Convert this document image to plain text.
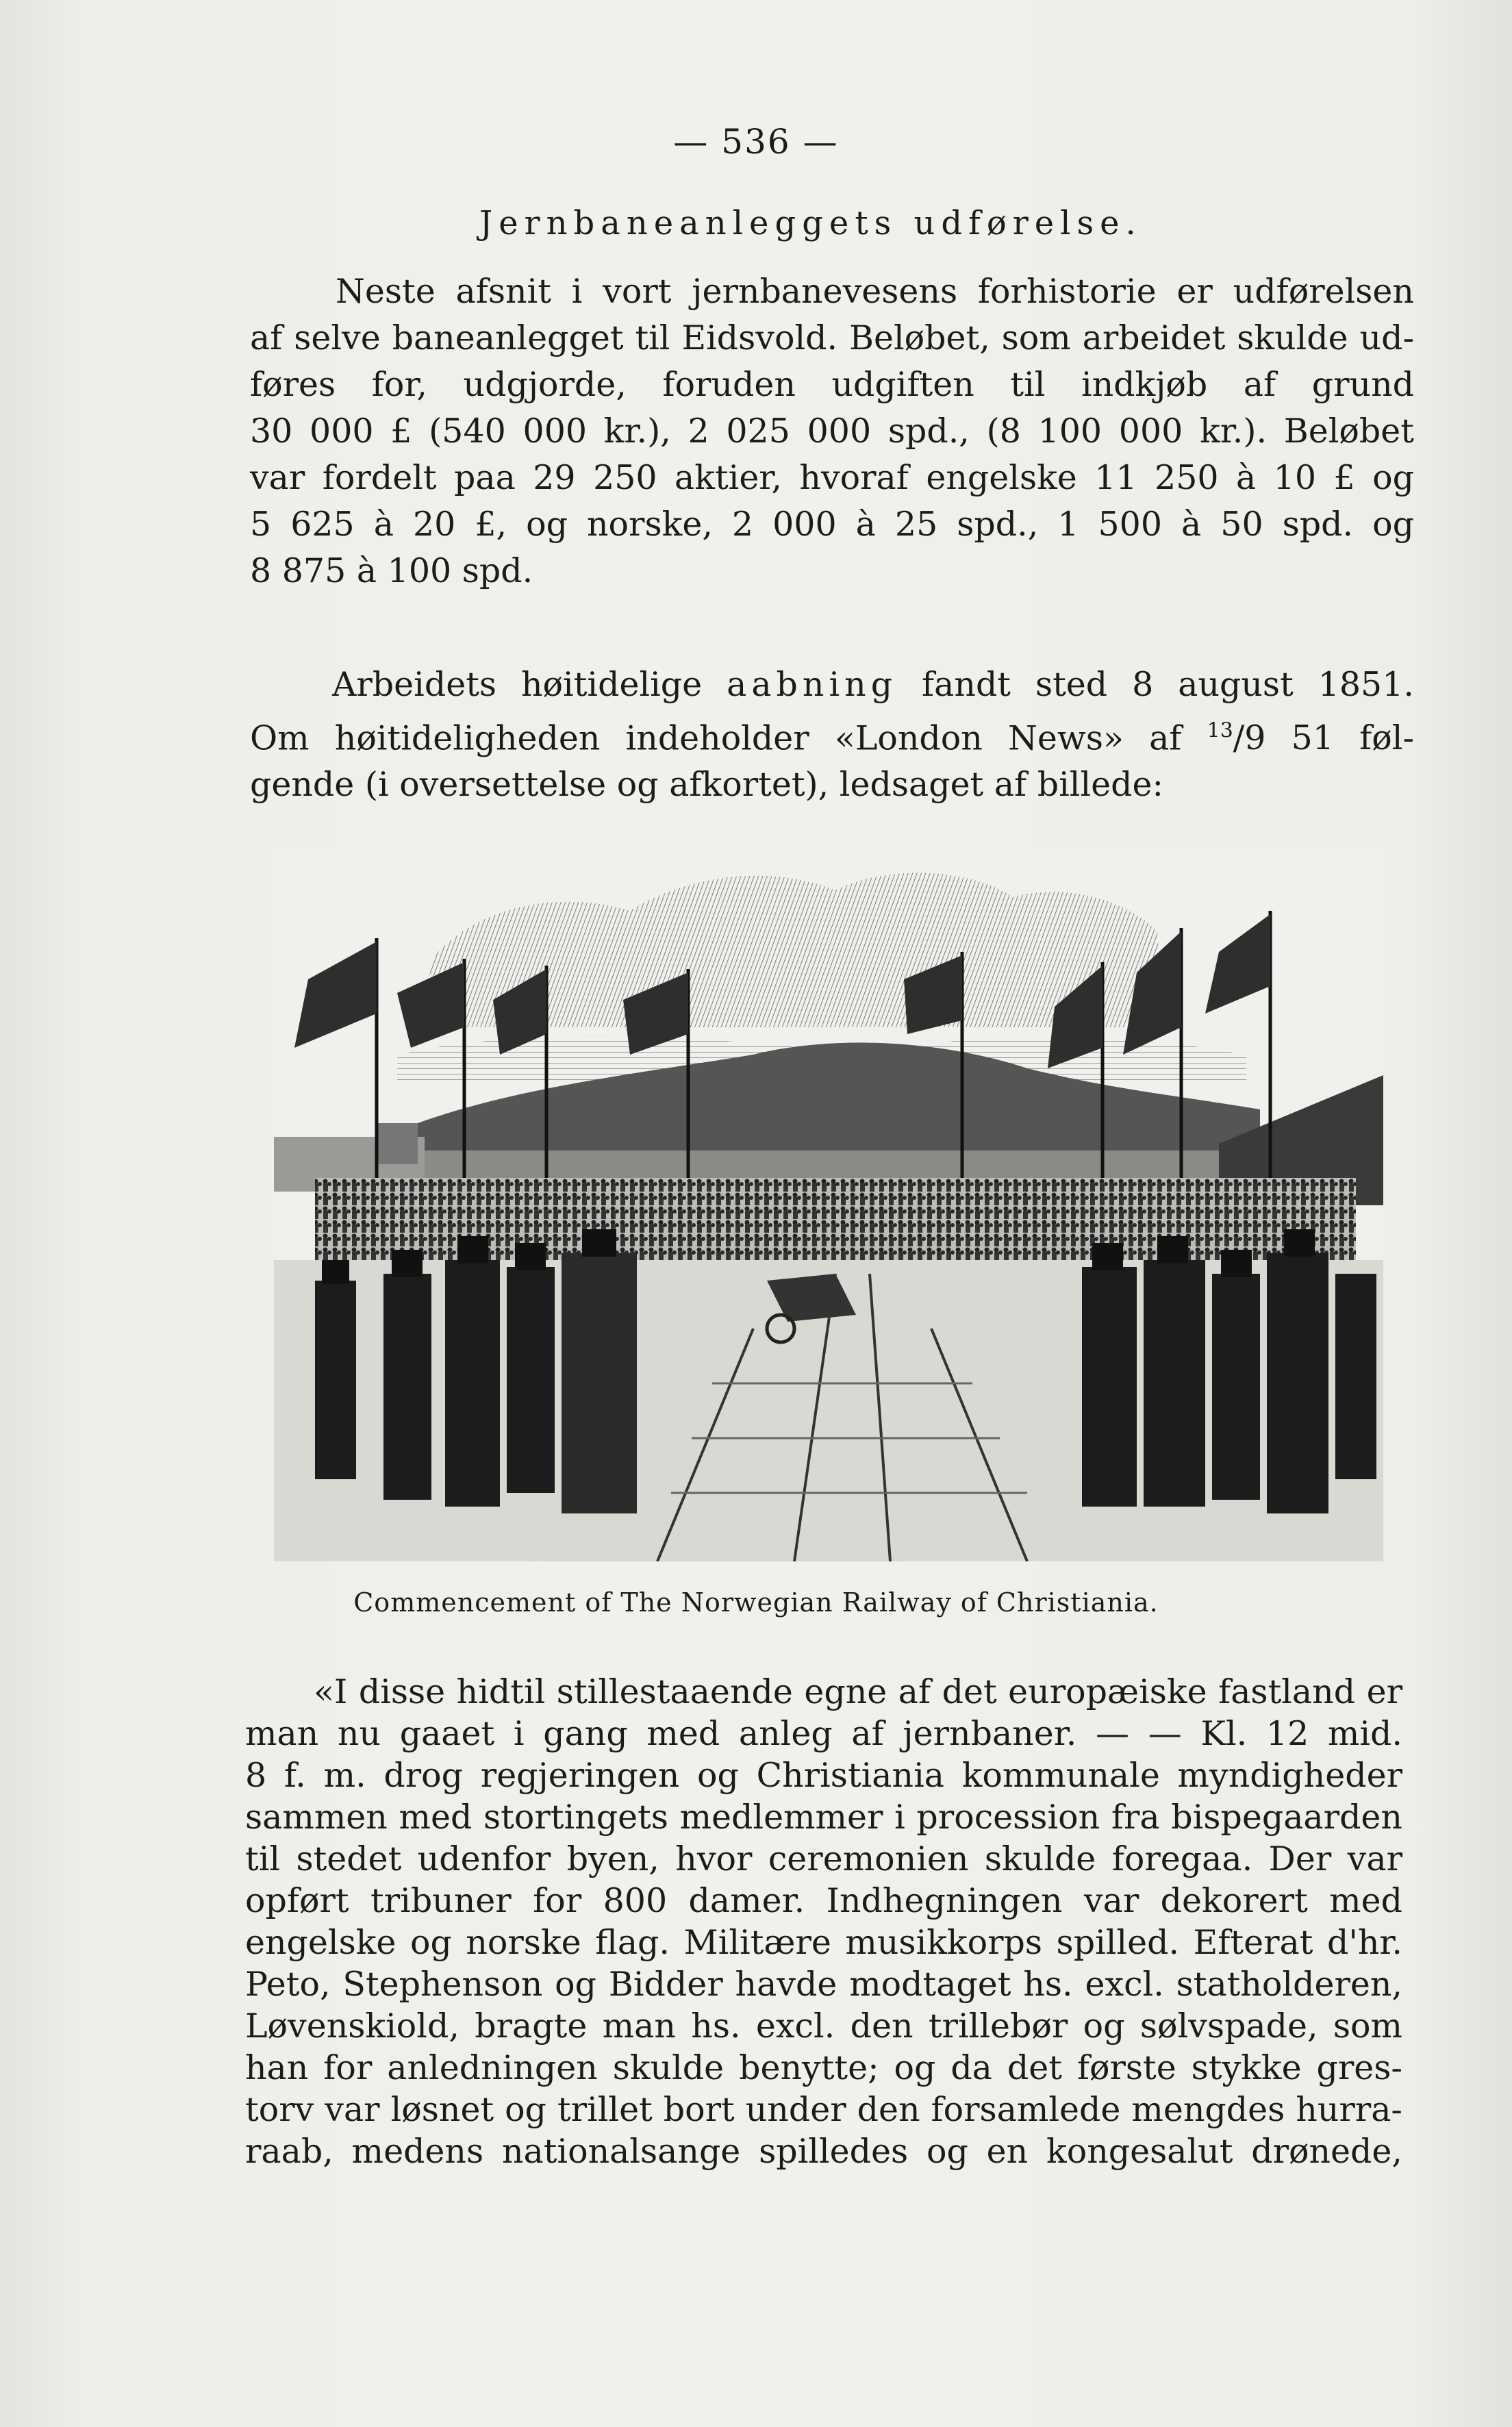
— 536 —
Jernbaneanleggets udførelse.
Neste afsnit i vort jernbanevesens forhistorie er udførelsen
af selve baneanlegget til Eidsvold. Beløbet, som arbeidet skulde ud-
føres for, udgjorde, foruden udgiften til indkjøb af grund
30 000 £ (540 000 kr.), 2 025 000 spd., (8 100 000 kr.). Beløbet
var fordelt paa 29 250 aktier, hvoraf engelske 11 250 à 10 £ og
5 625 à 20 £, og norske, 2 000 à 25 spd., 1 500 à 50 spd. og
8 875 à 100 spd.
Arbeidets høitidelige aabning fandt sted 8 august 1851.
Om høitideligheden indeholder «London News» af $^{13}$/9 51 føl-
gende (i oversettelse og afkortet), ledsaget af billede:
Commencement of The Norwegian Railway of Christiania.
«I disse hidtil stillestaaende egne af det europæiske fastland er
man nu gaaet i gang med anleg af jernbaner. — — Kl. 12 mid.
8 f. m. drog regjeringen og Christiania kommunale myndigheder
sammen med stortingets medlemmer i procession fra bispegaarden
til stedet udenfor byen, hvor ceremonien skulde foregaa. Der var
opført tribuner for 800 damer. Indhegningen var dekorert med
engelske og norske flag. Militære musikkorps spilled. Efterat d'hr.
Peto, Stephenson og Bidder havde modtaget hs. excl. statholderen,
Løvenskiold, bragte man hs. excl. den trillebør og sølvspade, som
han for anledningen skulde benytte; og da det første stykke gres-
torv var løsnet og trillet bort under den forsamlede mengdes hurra-
raab, medens nationalsange spilledes og en kongesalut drønede,
